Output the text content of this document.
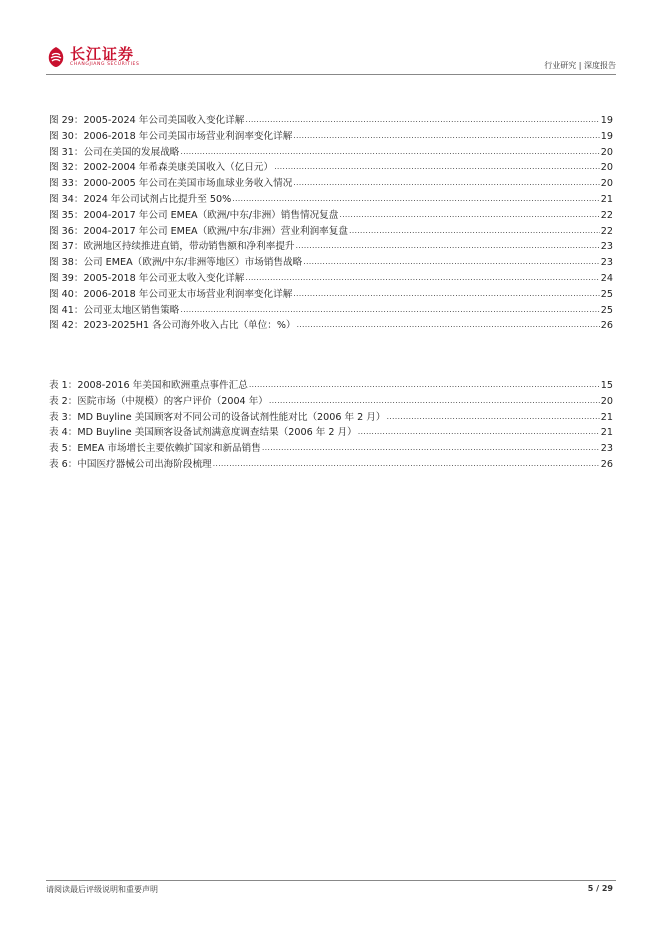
长江证券
CHANGJIANG SECURITIES	行业研究 | 深度报告
图 29：2005-2024 年公司美国收入变化详解 .....	19
图 30：2006-2018 年公司美国市场营业利润率变化详解 .....	19
图 31：公司在美国的发展战略 .....	20
图 32：2002-2004 年希森美康美国收入（亿日元） .....	20
图 33：2000-2005 年公司在美国市场血球业务收入情况 .....	20
图 34：2024 年公司试剂占比提升至 50% .....	21
图 35：2004-2017 年公司 EMEA（欧洲/中东/非洲）销售情况复盘 .....	22
图 36：2004-2017 年公司 EMEA（欧洲/中东/非洲）营业利润率复盘 .....	22
图 37：欧洲地区持续推进直销，带动销售额和净利率提升 .....	23
图 38：公司 EMEA（欧洲/中东/非洲等地区）市场销售战略 .....	23
图 39：2005-2018 年公司亚太收入变化详解 .....	24
图 40：2006-2018 年公司亚太市场营业利润率变化详解 .....	25
图 41：公司亚太地区销售策略 .....	25
图 42：2023-2025H1 各公司海外收入占比（单位：%） .....	26
表 1：2008-2016 年美国和欧洲重点事件汇总 .....	15
表 2：医院市场（中规模）的客户评价（2004 年） .....	20
表 3：MD Buyline 美国顾客对不同公司的设备试剂性能对比（2006 年 2 月） .....	21
表 4：MD Buyline 美国顾客设备试剂满意度调查结果（2006 年 2 月） .....	21
表 5：EMEA 市场增长主要依赖扩国家和新品销售 .....	23
表 6：中国医疗器械公司出海阶段梳理 .....	26
请阅读最后评级说明和重要声明	5 / 29
